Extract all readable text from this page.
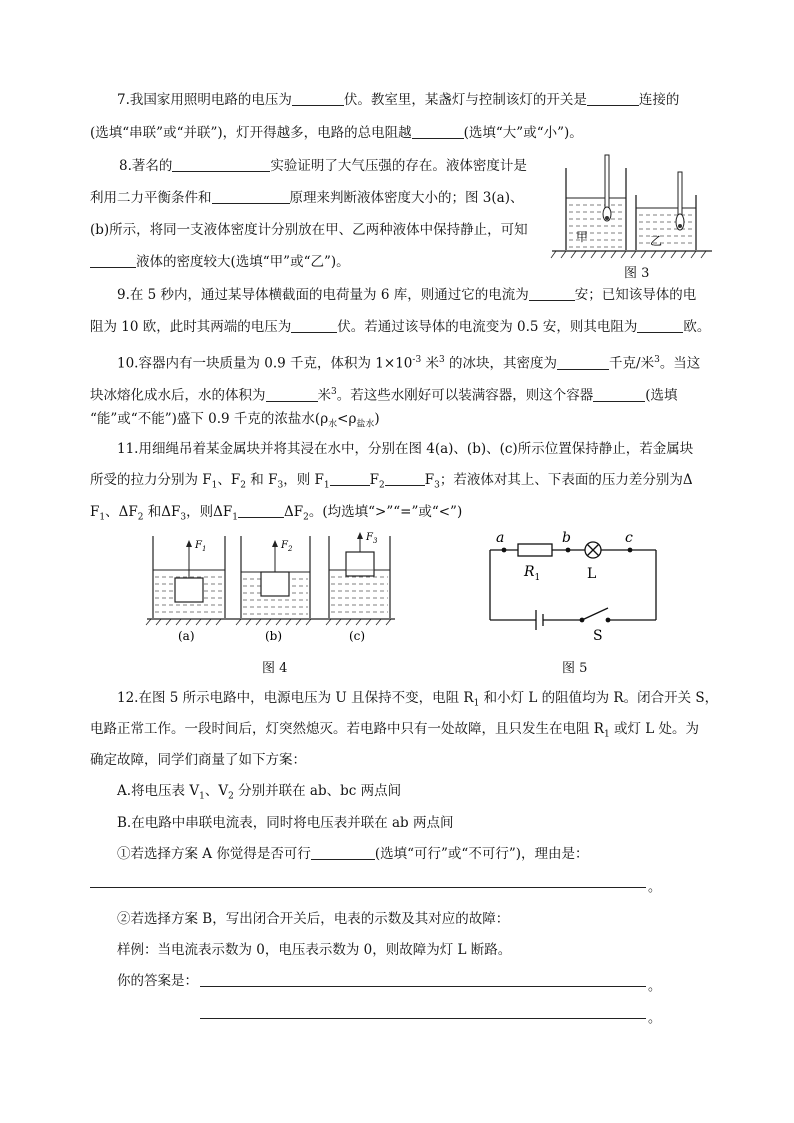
7.我国家用照明电路的电压为	伏。教室里，某盏灯与控制该灯的开关是	连接的
(选填“串联”或“并联”)，灯开得越多，电路的总电阻越	(选填“大”或“小”)。
8.著名的	实验证明了大气压强的存在。液体密度计是
利用二力平衡条件和	原理来判断液体密度大小的；图 3(a)、
(b)所示，将同一支液体密度计分别放在甲、乙两种液体中保持静止，可知
液体的密度较大(选填“甲”或“乙”)。
甲	乙
图 3
9.在 5 秒内，通过某导体横截面的电荷量为 6 库，则通过它的电流为	安；已知该导体的电
阻为 10 欧，此时其两端的电压为	伏。若通过该导体的电流变为 0.5 安，则其电阻为	欧。
10.容器内有一块质量为 0.9 千克，体积为 $1\times 10^{-3}$ 米$^3$ 的冰块，其密度为	千克/米$^3$。当这
块冰熔化成水后，水的体积为	米$^3$。若这些水刚好可以装满容器，则这个容器	(选填
“能”或“不能”)盛下 0.9 千克的浓盐水$(\rho_水<\rho_{盐水})$
11.用细绳吊着某金属块并将其浸在水中，分别在图 4(a)、(b)、(c)所示位置保持静止，若金属块
所受的拉力分别为 $F_1$、$F_2$ 和 $F_3$，则 $F_1$	$F_2$	$F_3$；若液体对其上、下表面的压力差分别为Δ
$F_1$、$\Delta F_2$ 和$\Delta F_3$，则$\Delta F_1$	$\Delta F_2$。(均选填“>”“=”或“<”)
$F_1$	$F_2$
$F_3$
(a)	(b)	(c)
图 4
a	b	c
$R_1$	L
S
图 5
12.在图 5 所示电路中，电源电压为 U 且保持不变，电阻 $R_1$ 和小灯 L 的阻值均为 R。闭合开关 S，
电路正常工作。一段时间后，灯突然熄灭。若电路中只有一处故障，且只发生在电阻 $R_1$ 或灯 L 处。为
确定故障，同学们商量了如下方案：
A.将电压表 $V_1$、$V_2$ 分别并联在 ab、bc 两点间
B.在电路中串联电流表，同时将电压表并联在 ab 两点间
①若选择方案 A 你觉得是否可行	(选填“可行”或“不可行”)，理由是：
。
②若选择方案 B，写出闭合开关后，电表的示数及其对应的故障：
样例：当电流表示数为 0，电压表示数为 0，则故障为灯 L 断路。
你的答案是：	。
。
